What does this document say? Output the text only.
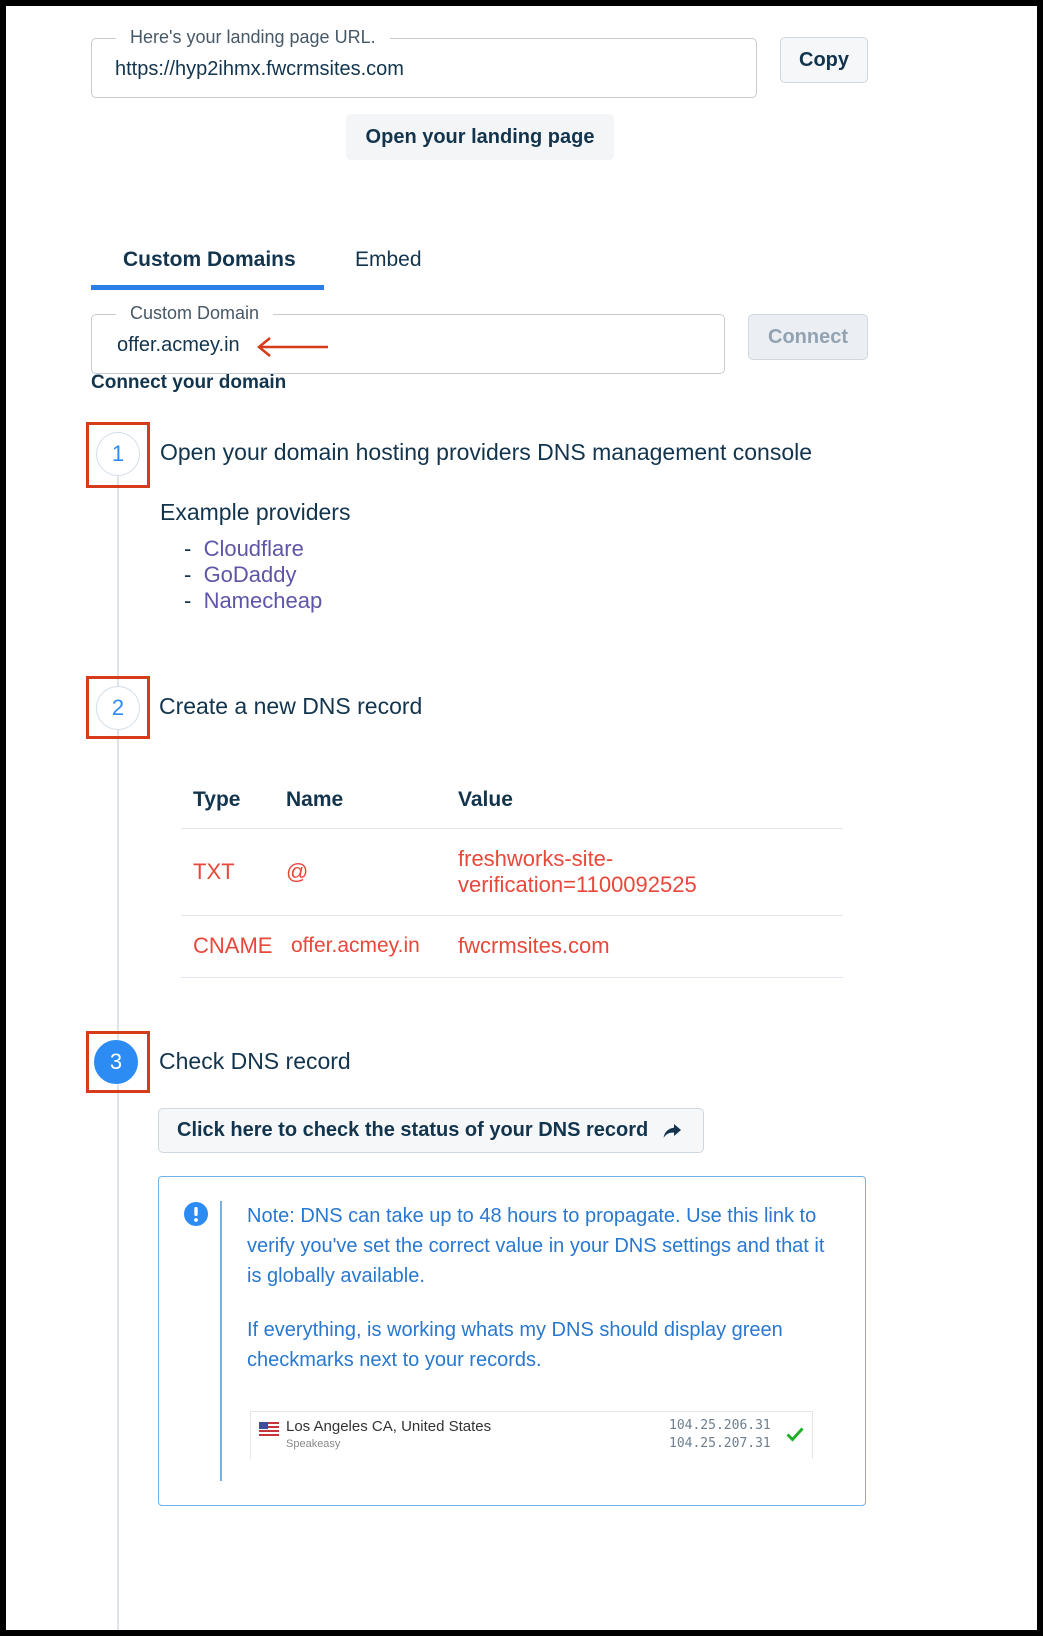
Here's your landing page URL.
https://hyp2ihmx.fwcrmsites.com	Copy
Open your landing page
Custom Domains	Embed
Custom Domain
offer.acmey.in	Connect
Connect your domain
1	Open your domain hosting providers DNS management console
Example providers
-  Cloudflare
-  GoDaddy
-  Namecheap
2	Create a new DNS record
Type	Name	Value
TXT	@	freshworks-site-
verification=1100092525

CNAME	offer.acmey.in	fwcrmsites.com
3	Check DNS record
Click here to check the status of your DNS record
Note: DNS can take up to 48 hours to propagate. Use this link to verify you've set the correct value in your DNS settings and that it is globally available.
If everything, is working whats my DNS should display green checkmarks next to your records.
Los Angeles CA, United States
Speakeasy
104.25.206.31
104.25.207.31
